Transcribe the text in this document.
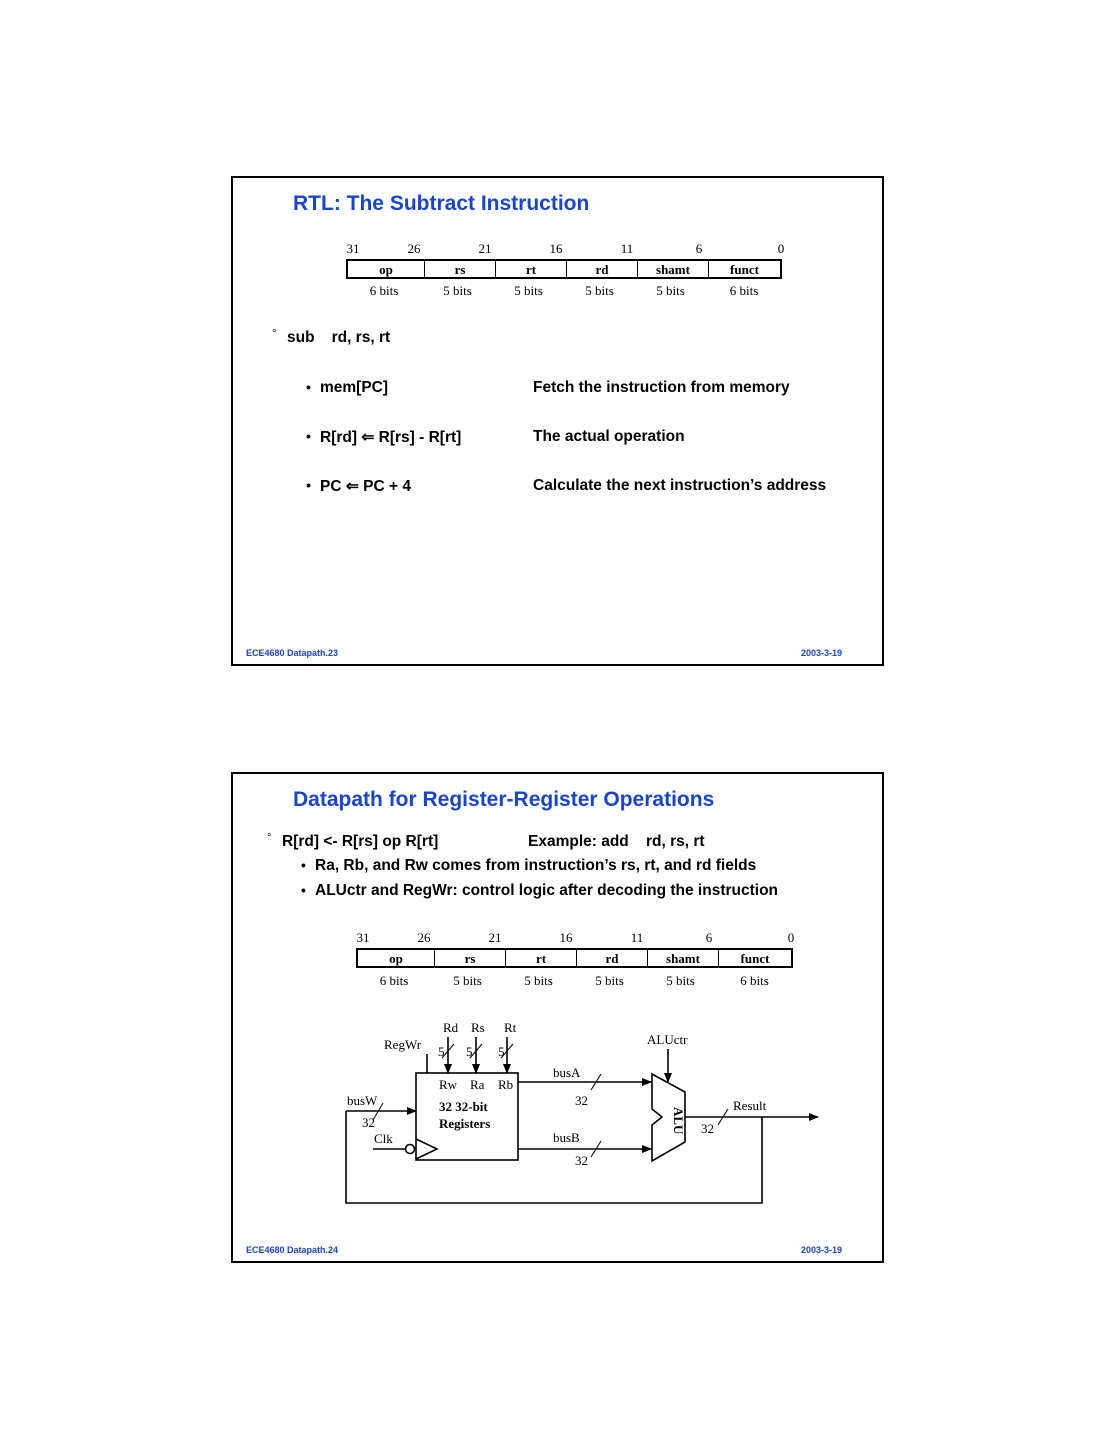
RTL: The Subtract Instruction
31	26	21	16	11	6	0
op	rs	rt	rd	shamt	funct
6 bits	5 bits	5 bits	5 bits	5 bits	6 bits
° sub rd, rs, rt
• mem[PC]	Fetch the instruction from memory
• R[rd] ⇐ R[rs] - R[rt]	The actual operation
• PC ⇐ PC + 4	Calculate the next instruction’s address
ECE4680 Datapath.23	2003-3-19
Datapath for Register-Register Operations
° R[rd] <- R[rs] op R[rt]	Example: add    rd, rs, rt
• Ra, Rb, and Rw comes from instruction’s rs, rt, and rd fields
• ALUctr and RegWr: control logic after decoding the instruction
31	26	21	16	11	6	0
op	rs	rt	rd	shamt	funct
6 bits	5 bits	5 bits	5 bits	5 bits	6 bits
Rd Rs Rt
RegWr 5 5 5
Rw Ra Rb
32 32-bit
Registers
busW
32
Clk
busA
32
busB
32
ALUctr
ALU
Result
32
ECE4680 Datapath.24	2003-3-19
